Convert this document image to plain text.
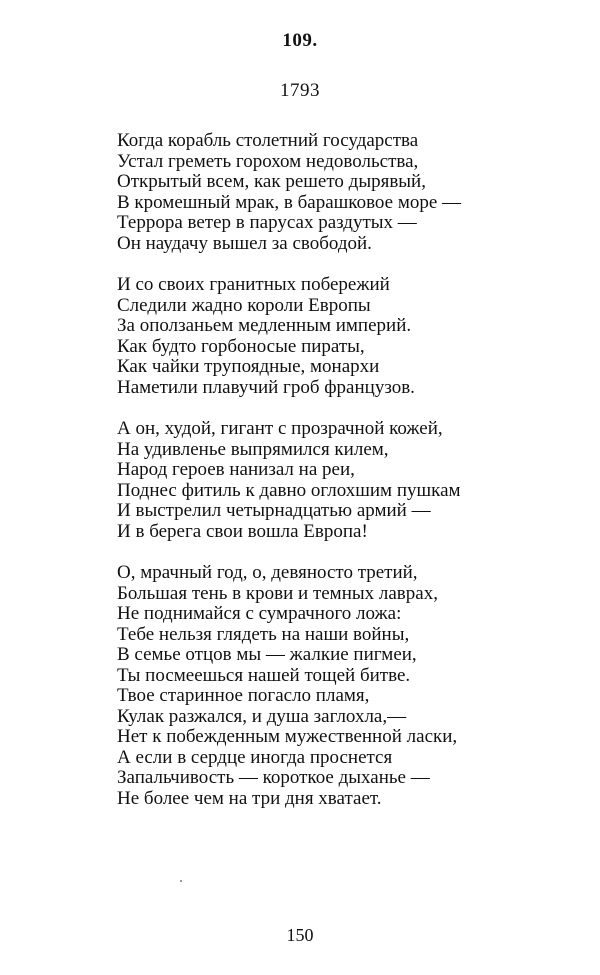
109.
1793
Когда корабль столетний государства
Устал греметь горохом недовольства,
Открытый всем, как решето дырявый,
В кромешный мрак, в барашковое море —
Террора ветер в парусах раздутых —
Он наудачу вышел за свободой.
И со своих гранитных побережий
Следили жадно короли Европы
За оползаньем медленным империй.
Как будто горбоносые пираты,
Как чайки трупоядные, монархи
Наметили плавучий гроб французов.
А он, худой, гигант с прозрачной кожей,
На удивленье выпрямился килем,
Народ героев нанизал на реи,
Поднес фитиль к давно оглохшим пушкам
И выстрелил четырнадцатью армий —
И в берега свои вошла Европа!
О, мрачный год, о, девяносто третий,
Большая тень в крови и темных лаврах,
Не поднимайся с сумрачного ложа:
Тебе нельзя глядеть на наши войны,
В семье отцов мы — жалкие пигмеи,
Ты посмеешься нашей тощей битве.
Твое старинное погасло пламя,
Кулак разжался, и душа заглохла,—
Нет к побежденным мужественной ласки,
А если в сердце иногда проснется
Запальчивость — короткое дыханье —
Не более чем на три дня хватает.
150
